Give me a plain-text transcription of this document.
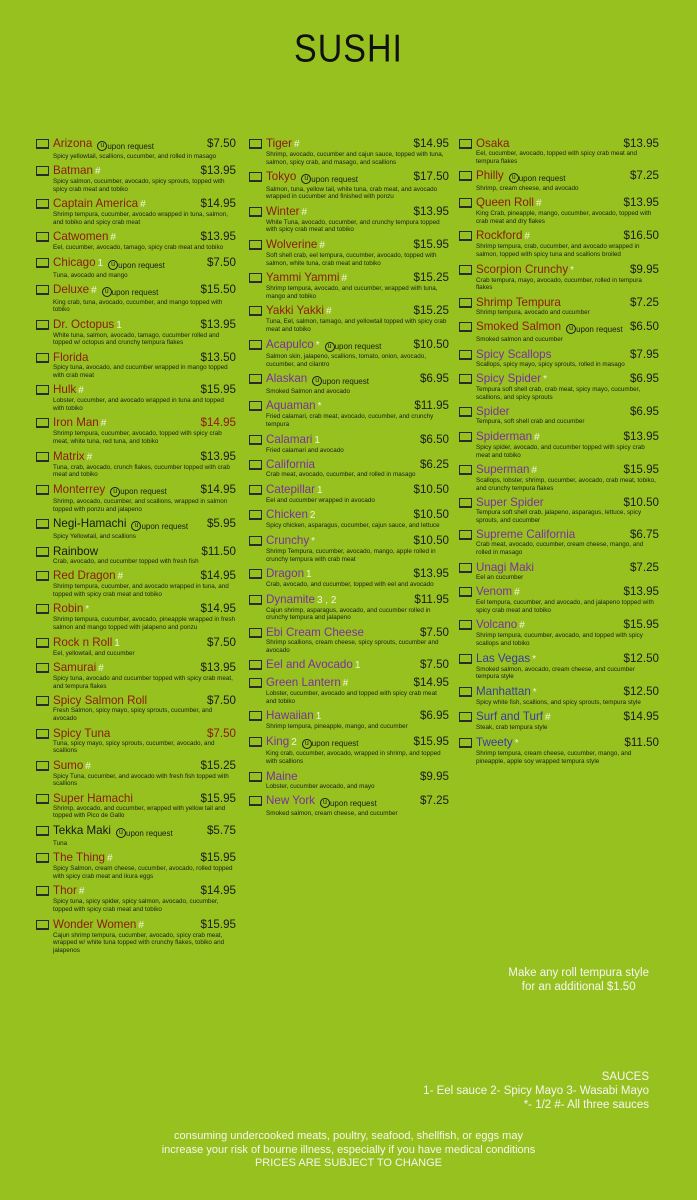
SUSHI
Arizona	u upon request	$7.50
Spicy yellowtail, scallions, cucumber, and rolled in masago
Batman #	$13.95
Spicy salmon, cucumber, avocado, spicy sprouts, topped with spicy crab meat and tobiko
Captain America #	$14.95
Shrimp tempura, cucumber, avocado wrapped in tuna, salmon, and tobiko and spicy crab meat
Catwomen #	$13.95
Eel, cucumber, avocado, tamago, spicy crab meat and tobiko
Chicago 1	u upon request	$7.50
Tuna, avocado and mango
Deluxe #	u upon request	$15.50
King crab, tuna, avocado, cucumber, and mango topped with tobiko
Dr. Octopus 1	$13.95
White tuna, salmon, avocado, tamago, cucumber rolled and topped w/ octopus and crunchy tempura flakes
Florida	$13.50
Spicy tuna, avocado, and cucumber wrapped in mango topped with crab meat
Hulk #	$15.95
Lobster, cucumber, and avocado wrapped in tuna and topped with tobiko
Iron Man #	$14.95
Shrimp tempura, cucumber, avocado, topped with spicy crab meat, white tuna, red tuna, and tobiko
Matrix #	$13.95
Tuna, crab, avocado, crunch flakes, cucumber topped with crab meat and tobiko
Monterrey	u upon request	$14.95
Shrimp, avocado, cucumber, and scallions, wrapped in salmon topped with ponzu and jalapeno
Negi-Hamachi	u upon request $5.95
Spicy Yellowtail, and scallions
Rainbow	$11.50
Crab, avocado, and cucumber topped with fresh fish
Red Dragon #	$14.95
Shrimp tempura, cucumber, and avocado wrapped in tuna, and topped with spicy crab meat and tobiko
Robin *	$14.95
Shrimp tempura, cucumber, avocado, pineapple wrapped in fresh salmon and mango topped with jalapeno and ponzu
Rock n Roll 1	$7.50
Eel, yellowtail, and cucumber
Samurai #	$13.95
Spicy tuna, avocado and cucumber topped with spicy crab meat, and tempura flakes
Spicy Salmon Roll	$7.50
Fresh Salmon, spicy mayo, spicy sprouts, cucumber, and avocado
Spicy Tuna	$7.50
Tuna, spicy mayo, spicy sprouts, cucumber, avocado, and scallions
Sumo #	$15.25
Spicy Tuna, cucumber, and avocado with fresh fish topped with scallions
Super Hamachi	$15.95
Shrimp, avocado, and cucumber, wrapped with yellow tail and topped with Pico de Gallo
Tekka Maki	u upon request	$5.75
Tuna
The Thing #	$15.95
Spicy Salmon, cream cheese, cucumber, avocado, rolled topped with spicy crab meat and ikura eggs
Thor #	$14.95
Spicy tuna, spicy spider, spicy salmon, avocado, cucumber, topped with spicy crab meat and tobiko
Wonder Women #	$15.95
Cajun shrimp tempura, cucumber, avocado, spicy crab meat, wrapped w/ white tuna topped with crunchy flakes, tobiko and jalapenos
Tiger #	$14.95
Shrimp, avocado, cucumber and cajun sauce, topped with tuna, salmon, spicy crab, and masago, and scallions
Tokyo	u upon request	$17.50
Salmon, tuna, yellow tail, white tuna, crab meat, and avocado wrapped in cucumber and finished with ponzu
Winter #	$13.95
White Tuna, avocado, cucumber, and crunchy tempura topped with spicy crab meat and tobiko
Wolverine #	$15.95
Soft shell crab, eel tempura, cucumber, avocado, topped with salmon, white tuna, crab meat and tobiko
Yammi Yammi #	$15.25
Shrimp tempura, avocado, and cucumber, wrapped with tuna, mango and tobiko
Yakki Yakki #	$15.25
Tuna, Eel, salmon, tamago, and yellowtail topped with spicy crab meat and tobiko
Acapulco *	u upon request	$10.50
Salmon skin, jalapeno, scallions, tomato, onion, avocado, cucumber, and cilantro
Alaskan	u upon request	$6.95
Smoked Salmon and avocado
Aquaman *	$11.95
Fried calamari, crab meat, avocado, cucumber, and crunchy tempura
Calamari 1	$6.50
Fried calamari and avocado
California	$6.25
Crab meat, avocado, cucumber, and rolled in masago
Catepillar 1	$10.50
Eel and cucumber wrapped in avocado
Chicken 2	$10.50
Spicy chicken, asparagus, cucumber, cajun sauce, and lettuce
Crunchy *	$10.50
Shrimp Tempura, cucumber, avocado, mango, apple rolled in crunchy tempura with crab meat
Dragon 1	$13.95
Crab, avocado, and cucumber, topped with eel and avocado
Dynamite 3 , 2	$11.95
Cajun shrimp, asparagus, avocado, and cucumber rolled in crunchy tempura and jalapeno
Ebi Cream Cheese	$7.50
Shrimp scallions, cream cheese, spicy sprouts, cucumber and avocado
Eel and Avocado 1	$7.50
Green Lantern #	$14.95
Lobster, cucumber, avocado and topped with spicy crab meat and tobiko
Hawaiian 1	$6.95
Shrimp tempura, pineapple, mango, and cucumber
King 2	u upon request	$15.95
King crab, cucumber, avocado, wrapped in shrimp, and topped with scallions
Maine	$9.95
Lobster, cucumber avocado, and mayo
New York	u upon request	$7.25
Smoked salmon, cream cheese, and cucumber
Osaka	$13.95
Eel, cucumber, avocado, topped with spicy crab meat and tempura flakes
Philly	u upon request	$7.25
Shrimp, cream cheese, and avocado
Queen Roll #	$13.95
King Crab, pineapple, mango, cucumber, avocado, topped with crab meat and dry flakes
Rockford #	$16.50
Shrimp tempura, crab, cucumber, and avocado wrapped in salmon, topped with spicy tuna and scallions broiled
Scorpion Crunchy *	$9.95
Crab tempura, mayo, avocado, cucumber, rolled in tempura flakes
Shrimp Tempura	$7.25
Shrimp tempura, avocado and cucumber
Smoked Salmon	u upon request $6.50
Smoked salmon and cucumber
Spicy Scallops	$7.95
Scallops, spicy mayo, spicy sprouts, rolled in masago
Spicy Spider *	$6.95
Tempura soft shell crab, crab meat, spicy mayo, cucumber, scallions, and spicy sprouts
Spider	$6.95
Tempura, soft shell crab and cucumber
Spiderman #	$13.95
Spicy spider, avocado, and cucumber topped with spicy crab meat and tobiko
Superman #	$15.95
Scallops, lobster, shrimp, cucumber, avocado, crab meat, tobiko, and crunchy tempura flakes
Super Spider	$10.50
Tempura soft shell crab, jalapeno, asparagus, lettuce, spicy sprouts, and cucumber
Supreme California	$6.75
Crab meat, avocado, cucumber, cream cheese, mango, and rolled in masago
Unagi Maki	$7.25
Eel an cucumber
Venom #	$13.95
Eel tempura, cucumber, and avocado, and jalapeno topped with spicy crab meat and tobiko
Volcano #	$15.95
Shrimp tempura, cucumber, avocado, and topped with spicy scallops and tobiko
Las Vegas *	$12.50
Smoked salmon, avocado, cream cheese, and cucumber tempura style
Manhattan *	$12.50
Spicy white fish, scallions, and spicy sprouts, tempura style
Surf and Turf #	$14.95
Steak, crab tempura style
Tweety *	$11.50
Shrimp tempura, cream cheese, cucumber, mango, and pineapple, apple soy wrapped tempura style
Make any roll tempura style
for an additional $1.50
SAUCES
1- Eel sauce 2- Spicy Mayo 3- Wasabi Mayo
*- 1/2 #- All three sauces
consuming undercooked meats, poultry, seafood, shellfish, or eggs may
increase your risk of bourne illness, especially if you have medical conditions
PRICES ARE SUBJECT TO CHANGE
